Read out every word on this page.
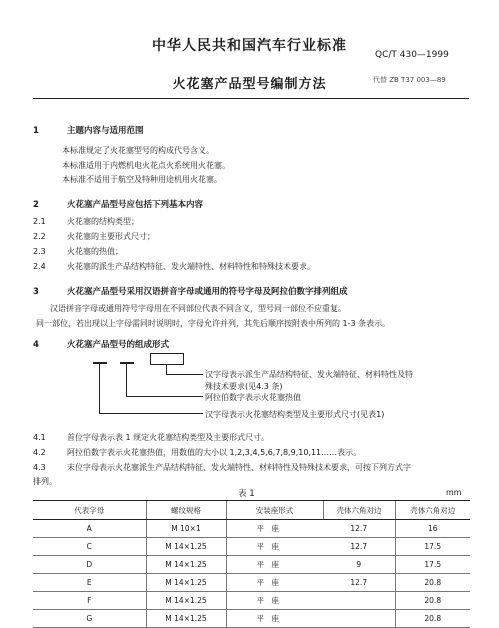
中华人民共和国汽车行业标准
QC/T 430—1999
火花塞产品型号编制方法	代替 ZB T37 003—89
1	主题内容与适用范围
本标准规定了火花塞型号的构成代号含义。
本标准适用于内燃机电火花点火系统用火花塞。
本标准不适用于航空及特种用途机用火花塞。
2	火花塞产品型号应包括下列基本内容
2.1	火花塞的结构类型；
2.2	火花塞的主要形式尺寸；
2.3	火花塞的热值；
2.4	火花塞的派生产品结构特征、发火端特性、材料特性和特殊技术要求。
3	火花塞产品型号采用汉语拼音字母或通用的符号字母及阿拉伯数字排列组成
汉语拼音字母或通用符号字母用在不同部位代表不同含义，型号同一部位不应重复。
同一部位，若出现以上字母需同时说明时，字母允许并列，其先后顺序按附表中所列的 1-3 条表示。
4	火花塞产品型号的组成形式
汉字母表示派生产品结构特征、发火端特征、材料特性及特
殊技术要求(见4.3 条)
阿拉伯数字表示火花塞热值
汉字母表示火花塞结构类型及主要形式尺寸(见表1)
4.1	首位字母表示表 1 规定火花塞结构类型及主要形式尺寸。
4.2	阿拉伯数字表示火花塞热值，用数值的大小以 1,2,3,4,5,6,7,8,9,10,11……表示。
4.3	末位字母表示火花塞派生产品结构特征、发火端特性、材料特性及特殊技术要求，可按下列方式字
排列。
表 1	mm
代表字母	螺纹规格	安装座形式	壳体六角对边	壳体六角对边
A	M 10×1	平　座	12.7	16
C	M 14×1.25	平　座	12.7	17.5
D	M 14×1.25	平　座	9	17.5
E	M 14×1.25	平　座	12.7	20.8
F	M 14×1.25	平　座		20.8
G	M 14×1.25	平　座		20.8
